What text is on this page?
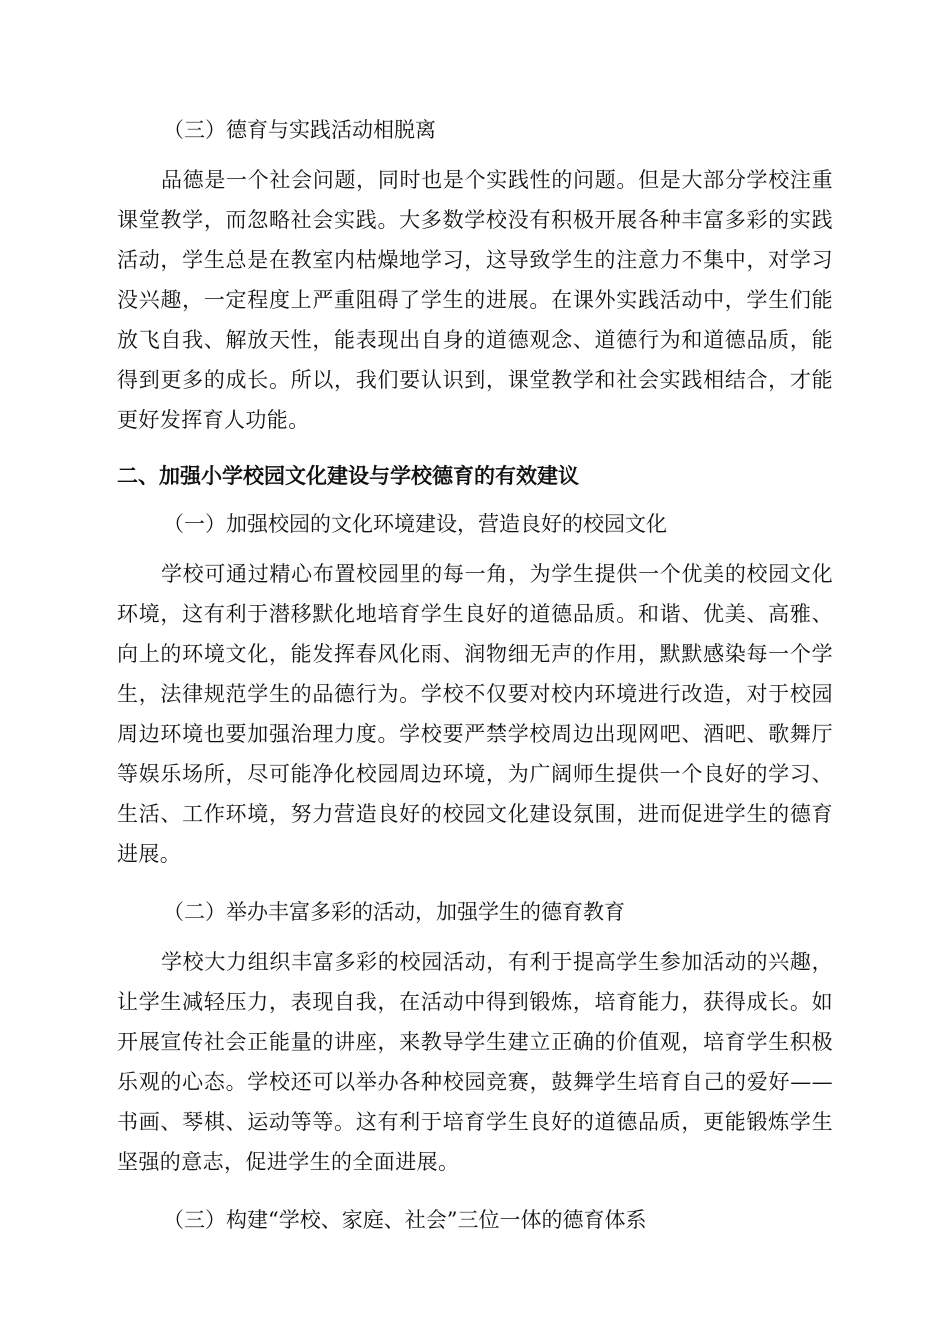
（三）德育与实践活动相脱离

品德是一个社会问题，同时也是个实践性的问题。但是大部分学校注重课堂教学，而忽略社会实践。大多数学校没有积极开展各种丰富多彩的实践活动，学生总是在教室内枯燥地学习，这导致学生的注意力不集中，对学习没兴趣，一定程度上严重阻碍了学生的进展。在课外实践活动中，学生们能放飞自我、解放天性，能表现出自身的道德观念、道德行为和道德品质，能得到更多的成长。所以，我们要认识到，课堂教学和社会实践相结合，才能更好发挥育人功能。

二、加强小学校园文化建设与学校德育的有效建议

（一）加强校园的文化环境建设，营造良好的校园文化

学校可通过精心布置校园里的每一角，为学生提供一个优美的校园文化环境，这有利于潜移默化地培育学生良好的道德品质。和谐、优美、高雅、向上的环境文化，能发挥春风化雨、润物细无声的作用，默默感染每一个学生，法律规范学生的品德行为。学校不仅要对校内环境进行改造，对于校园周边环境也要加强治理力度。学校要严禁学校周边出现网吧、酒吧、歌舞厅等娱乐场所，尽可能净化校园周边环境，为广阔师生提供一个良好的学习、生活、工作环境，努力营造良好的校园文化建设氛围，进而促进学生的德育进展。

（二）举办丰富多彩的活动，加强学生的德育教育

学校大力组织丰富多彩的校园活动，有利于提高学生参加活动的兴趣，让学生减轻压力，表现自我，在活动中得到锻炼，培育能力，获得成长。如开展宣传社会正能量的讲座，来教导学生建立正确的价值观，培育学生积极乐观的心态。学校还可以举办各种校园竞赛，鼓舞学生培育自己的爱好——书画、琴棋、运动等等。这有利于培育学生良好的道德品质，更能锻炼学生坚强的意志，促进学生的全面进展。

（三）构建“学校、家庭、社会”三位一体的德育体系
